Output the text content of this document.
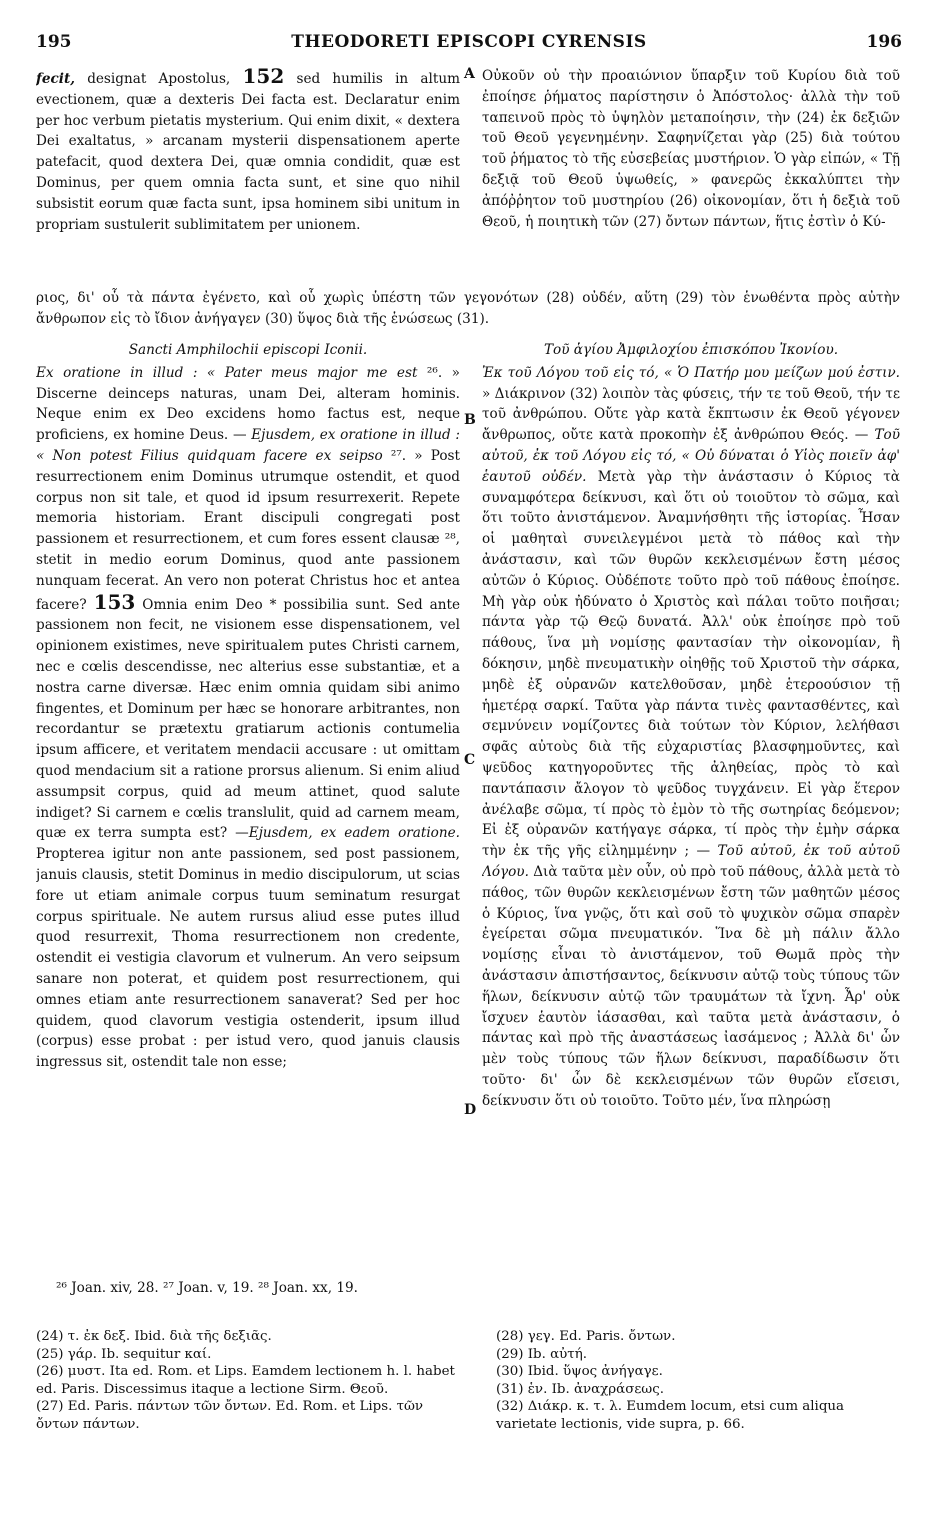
195	THEODORETI EPISCOPI CYRENSIS	196

fecit, designat Apostolus, 152 sed humilis in altum evectionem, quæ a dexteris Dei facta est. Declaratur enim per hoc verbum pietatis mysterium. Qui enim dixit, « dextera Dei exaltatus, » arcanam mysterii dispensationem aperte patefacit, quod dextera Dei, quæ omnia condidit, quæ est Dominus, per quem omnia facta sunt, et sine quo nihil subsistit eorum quæ facta sunt, ipsa hominem sibi unitum in propriam sustulerit sublimitatem per unionem.

A Οὐκοῦν οὐ τὴν προαιώνιον ὕπαρξιν τοῦ Κυρίου διὰ τοῦ ἐποίησε ῥήματος παρίστησιν ὁ Ἀπόστολος· ἀλλὰ τὴν τοῦ ταπεινοῦ πρὸς τὸ ὑψηλὸν μεταποίησιν, τὴν (24) ἐκ δεξιῶν τοῦ Θεοῦ γεγενημένην. Σαφηνίζεται γὰρ (25) διὰ τούτου τοῦ ῥήματος τὸ τῆς εὐσεβείας μυστήριον. Ὁ γὰρ εἰπών, « Τῇ δεξιᾷ τοῦ Θεοῦ ὑψωθείς, » φανερῶς ἐκκαλύπτει τὴν ἀπόῤῥητον τοῦ μυστηρίου (26) οἰκονομίαν, ὅτι ἡ δεξιὰ τοῦ Θεοῦ, ἡ ποιητικὴ τῶν (27) ὄντων πάντων, ἥτις ἐστὶν ὁ Κύ-

ριος, δι' οὗ τὰ πάντα ἐγένετο, καὶ οὗ χωρὶς ὑπέστη τῶν γεγονότων (28) οὐδέν, αὕτη (29) τὸν ἑνωθέντα πρὸς αὐτὴν ἄνθρωπον εἰς τὸ ἴδιον ἀνήγαγεν (30) ὕψος διὰ τῆς ἑνώσεως (31).

Sancti Amphilochii episcopi Iconii.

Ex oratione in illud : « Pater meus major me est ²⁶. » Discerne deinceps naturas, unam Dei, alteram hominis. Neque enim ex Deo excidens homo factus est, neque proficiens, ex homine Deus. — Ejusdem, ex oratione in illud : « Non potest Filius quidquam facere ex seipso ²⁷. » Post resurrectionem enim Dominus utrumque ostendit, et quod corpus non sit tale, et quod id ipsum resurrexerit. Repete memoria historiam. Erant discipuli congregati post passionem et resurrectionem, et cum fores essent clausæ ²⁸, stetit in medio eorum Dominus, quod ante passionem nunquam fecerat. An vero non poterat Christus hoc et antea facere? 153 Omnia enim Deo * possibilia sunt. Sed ante passionem non fecit, ne visionem esse dispensationem, vel opinionem existimes, neve spiritualem putes Christi carnem, nec e cœlis descendisse, nec alterius esse substantiæ, et a nostra carne diversæ. Hæc enim omnia quidam sibi animo fingentes, et Dominum per hæc se honorare arbitrantes, non recordantur se prætextu gratiarum actionis contumelia ipsum afficere, et veritatem mendacii accusare : ut omittam quod mendacium sit a ratione prorsus alienum. Si enim aliud assumpsit corpus, quid ad meum attinet, quod salute indiget? Si carnem e cœlis translulit, quid ad carnem meam, quæ ex terra sumpta est? —Ejusdem, ex eadem oratione. Propterea igitur non ante passionem, sed post passionem, januis clausis, stetit Dominus in medio discipulorum, ut scias fore ut etiam animale corpus tuum seminatum resurgat corpus spirituale. Ne autem rursus aliud esse putes illud quod resurrexit, Thoma resurrectionem non credente, ostendit ei vestigia clavorum et vulnerum. An vero seipsum sanare non poterat, et quidem post resurrectionem, qui omnes etiam ante resurrectionem sanaverat? Sed per hoc quidem, quod clavorum vestigia ostenderit, ipsum illud (corpus) esse probat : per istud vero, quod januis clausis ingressus sit, ostendit tale non esse;

B
C
D

Τοῦ ἁγίου Ἀμφιλοχίου ἐπισκόπου Ἰκονίου.

Ἐκ τοῦ Λόγου τοῦ εἰς τό, « Ὁ Πατήρ μου μείζων μού ἐστιν. » Διάκρινον (32) λοιπὸν τὰς φύσεις, τήν τε τοῦ Θεοῦ, τήν τε τοῦ ἀνθρώπου. Οὔτε γὰρ κατὰ ἔκπτωσιν ἐκ Θεοῦ γέγονεν ἄνθρωπος, οὔτε κατὰ προκοπὴν ἐξ ἀνθρώπου Θεός. — Τοῦ αὐτοῦ, ἐκ τοῦ Λόγου εἰς τό, « Οὐ δύναται ὁ Υἱὸς ποιεῖν ἀφ' ἑαυτοῦ οὐδέν. Μετὰ γὰρ τὴν ἀνάστασιν ὁ Κύριος τὰ συναμφότερα δείκνυσι, καὶ ὅτι οὐ τοιοῦτον τὸ σῶμα, καὶ ὅτι τοῦτο ἀνιστάμενον. Ἀναμνήσθητι τῆς ἱστορίας. Ἦσαν οἱ μαθηταὶ συνειλεγμένοι μετὰ τὸ πάθος καὶ τὴν ἀνάστασιν, καὶ τῶν θυρῶν κεκλεισμένων ἔστη μέσος αὐτῶν ὁ Κύριος. Οὐδέποτε τοῦτο πρὸ τοῦ πάθους ἐποίησε. Μὴ γὰρ οὐκ ἠδύνατο ὁ Χριστὸς καὶ πάλαι τοῦτο ποιῆσαι; πάντα γὰρ τῷ Θεῷ δυνατά. Ἀλλ' οὐκ ἐποίησε πρὸ τοῦ πάθους, ἵνα μὴ νομίσῃς φαντασίαν τὴν οἰκονομίαν, ἢ δόκησιν, μηδὲ πνευματικὴν οἰηθῇς τοῦ Χριστοῦ τὴν σάρκα, μηδὲ ἐξ οὐρανῶν κατελθοῦσαν, μηδὲ ἑτεροούσιον τῇ ἡμετέρᾳ σαρκί. Ταῦτα γὰρ πάντα τινὲς φαντασθέντες, καὶ σεμνύνειν νομίζοντες διὰ τούτων τὸν Κύριον, λελήθασι σφᾶς αὐτοὺς διὰ τῆς εὐχαριστίας βλασφημοῦντες, καὶ ψεῦδος κατηγοροῦντες τῆς ἀληθείας, πρὸς τὸ καὶ παντάπασιν ἄλογον τὸ ψεῦδος τυγχάνειν. Εἰ γὰρ ἕτερον ἀνέλαβε σῶμα, τί πρὸς τὸ ἐμὸν τὸ τῆς σωτηρίας δεόμενον; Εἰ ἐξ οὐρανῶν κατήγαγε σάρκα, τί πρὸς τὴν ἐμὴν σάρκα τὴν ἐκ τῆς γῆς εἰλημμένην ; — Τοῦ αὐτοῦ, ἐκ τοῦ αὐτοῦ Λόγου. Διὰ ταῦτα μὲν οὖν, οὐ πρὸ τοῦ πάθους, ἀλλὰ μετὰ τὸ πάθος, τῶν θυρῶν κεκλεισμένων ἔστη τῶν μαθητῶν μέσος ὁ Κύριος, ἵνα γνῷς, ὅτι καὶ σοῦ τὸ ψυχικὸν σῶμα σπαρὲν ἐγείρεται σῶμα πνευματικόν. Ἵνα δὲ μὴ πάλιν ἄλλο νομίσῃς εἶναι τὸ ἀνιστάμενον, τοῦ Θωμᾶ πρὸς τὴν ἀνάστασιν ἀπιστήσαντος, δείκνυσιν αὐτῷ τοὺς τύπους τῶν ἥλων, δείκνυσιν αὐτῷ τῶν τραυμάτων τὰ ἴχνη. Ἆρ' οὐκ ἴσχυεν ἑαυτὸν ἰάσασθαι, καὶ ταῦτα μετὰ ἀνάστασιν, ὁ πάντας καὶ πρὸ τῆς ἀναστάσεως ἰασάμενος ; Ἀλλὰ δι' ὧν μὲν τοὺς τύπους τῶν ἥλων δείκνυσι, παραδίδωσιν ὅτι τοῦτο· δι' ὧν δὲ κεκλεισμένων τῶν θυρῶν εἴσεισι, δείκνυσιν ὅτι οὐ τοιοῦτο. Τοῦτο μέν, ἵνα πληρώσῃ

²⁶ Joan. xiv, 28. ²⁷ Joan. v, 19. ²⁸ Joan. xx, 19.

(24) τ. ἐκ δεξ. Ibid. διὰ τῆς δεξιᾶς.

(25) γάρ. Ib. sequitur καί.

(26) μυστ. Ita ed. Rom. et Lips. Eamdem lectionem h. l. habet ed. Paris. Discessimus itaque a lectione Sirm. Θεοῦ.

(27) Ed. Paris. πάντων τῶν ὄντων. Ed. Rom. et Lips. τῶν ὄντων πάντων.

(28) γεγ. Ed. Paris. ὄντων.

(29) Ib. αὐτή.

(30) Ibid. ὕψος ἀνήγαγε.

(31) ἑν. Ib. ἀναχράσεως.

(32) Διάκρ. κ. τ. λ. Eumdem locum, etsi cum aliqua varietate lectionis, vide supra, p. 66.
